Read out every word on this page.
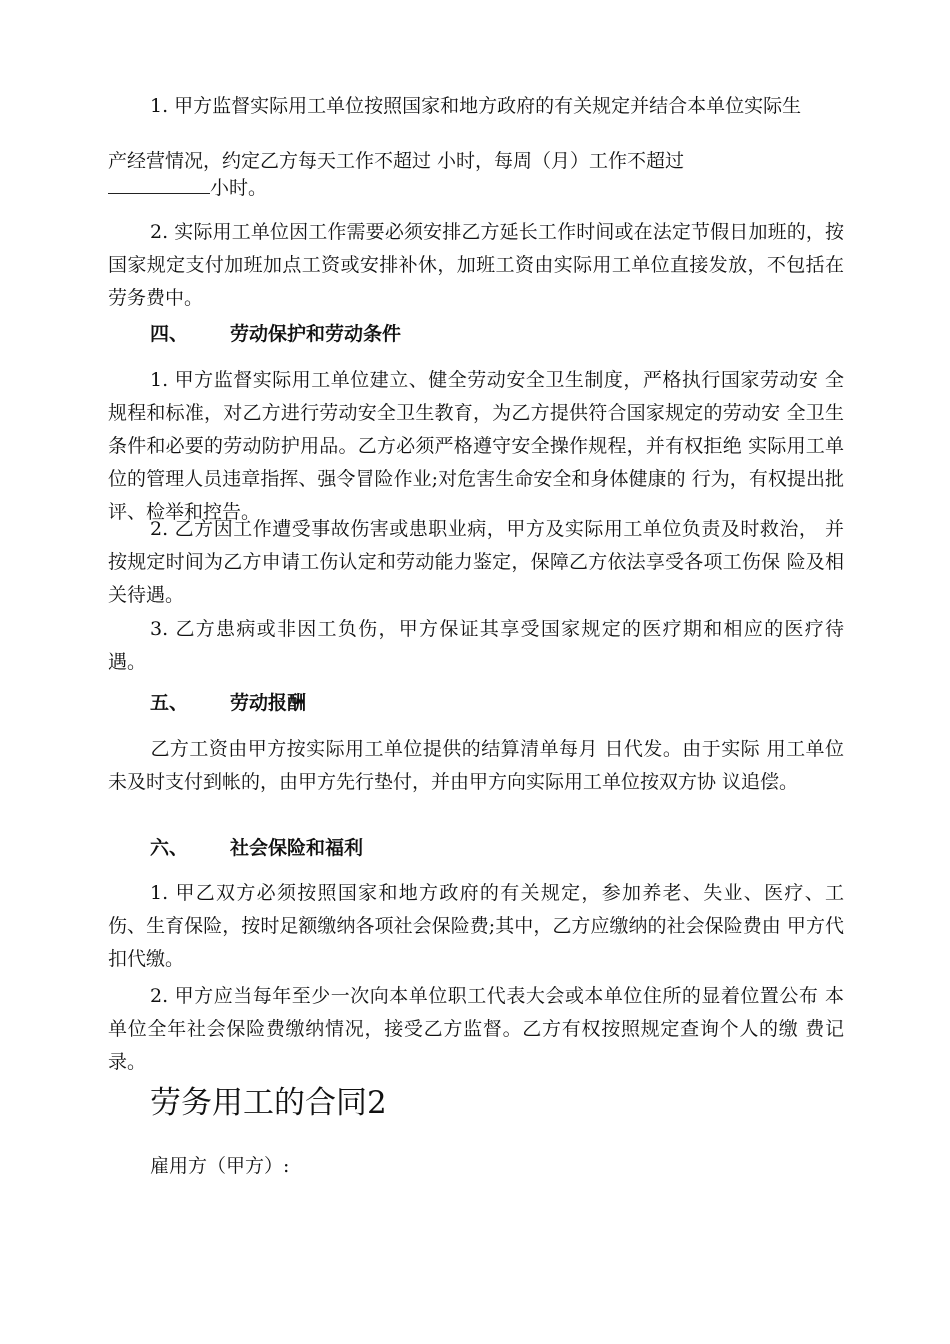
1. 甲方监督实际用工单位按照国家和地方政府的有关规定并结合本单位实际生
产经营情况，约定乙方每天工作不超过 小时，每周（月）工作不超过
小时。
2. 实际用工单位因工作需要必须安排乙方延长工作时间或在法定节假日加班的，按国家规定支付加班加点工资或安排补休，加班工资由实际用工单位直接发放，不包括在劳务费中。
四、 劳动保护和劳动条件
1. 甲方监督实际用工单位建立、健全劳动安全卫生制度，严格执行国家劳动安 全规程和标准，对乙方进行劳动安全卫生教育，为乙方提供符合国家规定的劳动安 全卫生条件和必要的劳动防护用品。乙方必须严格遵守安全操作规程，并有权拒绝 实际用工单位的管理人员违章指挥、强令冒险作业;对危害生命安全和身体健康的 行为，有权提出批评、检举和控告。
2. 乙方因工作遭受事故伤害或患职业病，甲方及实际用工单位负责及时救治， 并按规定时间为乙方申请工伤认定和劳动能力鉴定，保障乙方依法享受各项工伤保 险及相关待遇。
3. 乙方患病或非因工负伤，甲方保证其享受国家规定的医疗期和相应的医疗待 遇。
五、 劳动报酬
乙方工资由甲方按实际用工单位提供的结算清单每月 日代发。由于实际 用工单位未及时支付到帐的，由甲方先行垫付，并由甲方向实际用工单位按双方协 议追偿。
六、 社会保险和福利
1. 甲乙双方必须按照国家和地方政府的有关规定，参加养老、失业、医疗、工 伤、生育保险，按时足额缴纳各项社会保险费;其中，乙方应缴纳的社会保险费由 甲方代扣代缴。
2. 甲方应当每年至少一次向本单位职工代表大会或本单位住所的显着位置公布 本单位全年社会保险费缴纳情况，接受乙方监督。乙方有权按照规定查询个人的缴 费记录。
劳务用工的合同2
雇用方（甲方）:
